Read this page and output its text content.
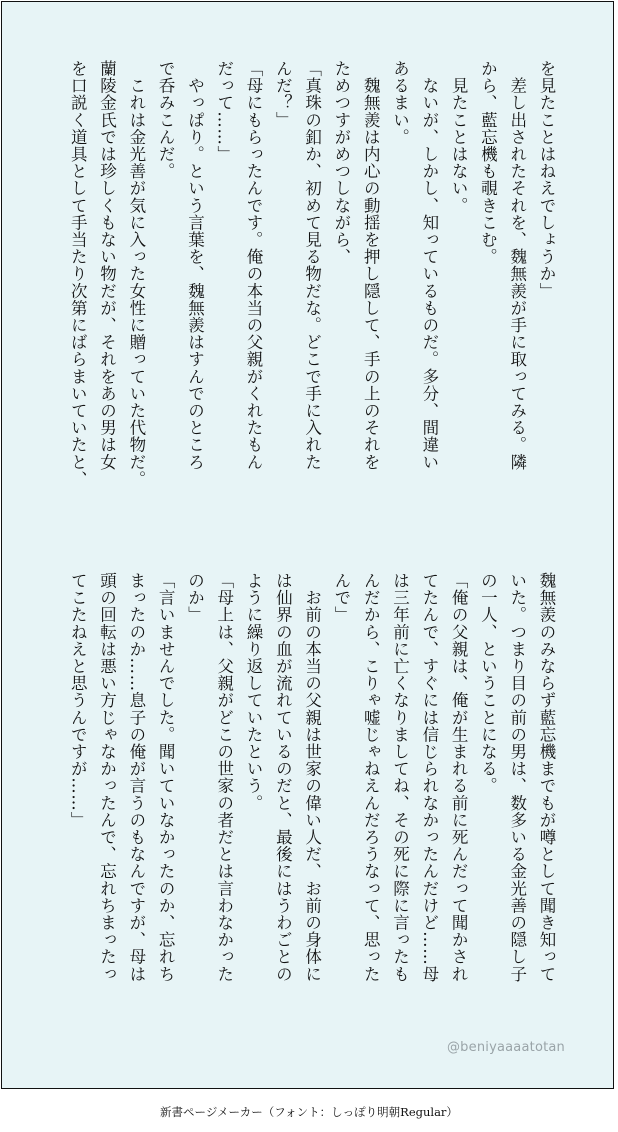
を見たことはねえでしょうか」
　差し出されたそれを、魏無羨が手に取ってみる。隣
から、藍忘機も覗きこむ。
　見たことはない。
　ないが、しかし、知っているものだ。多分、間違い
あるまい。
　魏無羨は内心の動揺を押し隠して、手の上のそれを
ためつすがめつしながら、
「真珠の釦か、初めて見る物だな。どこで手に入れた
んだ？」
「母にもらったんです。俺の本当の父親がくれたもん
だって……」
　やっぱり。という言葉を、魏無羨はすんでのところ
で呑みこんだ。
　これは金光善が気に入った女性に贈っていた代物だ。
蘭陵金氏では珍しくもない物だが、それをあの男は女
を口説く道具として手当たり次第にばらまいていたと、
魏無羨のみならず藍忘機までもが噂として聞き知って
いた。つまり目の前の男は、数多いる金光善の隠し子
の一人、ということになる。
「俺の父親は、俺が生まれる前に死んだって聞かされ
てたんで、すぐには信じられなかったんだけど……母
は三年前に亡くなりましてね、その死に際に言ったも
んだから、こりゃ嘘じゃねえんだろうなって、思った
んで」
　お前の本当の父親は世家の偉い人だ、お前の身体に
は仙界の血が流れているのだと、最後にはうわごとの
ように繰り返していたという。
「母上は、父親がどこの世家の者だとは言わなかった
のか」
「言いませんでした。聞いていなかったのか、忘れち
まったのか……息子の俺が言うのもなんですが、母は
頭の回転は悪い方じゃなかったんで、忘れちまったっ
てこたねえと思うんですが……」
@beniyaaaatotan
新書ページメーカー（フォント：しっぽり明朝Regular）
